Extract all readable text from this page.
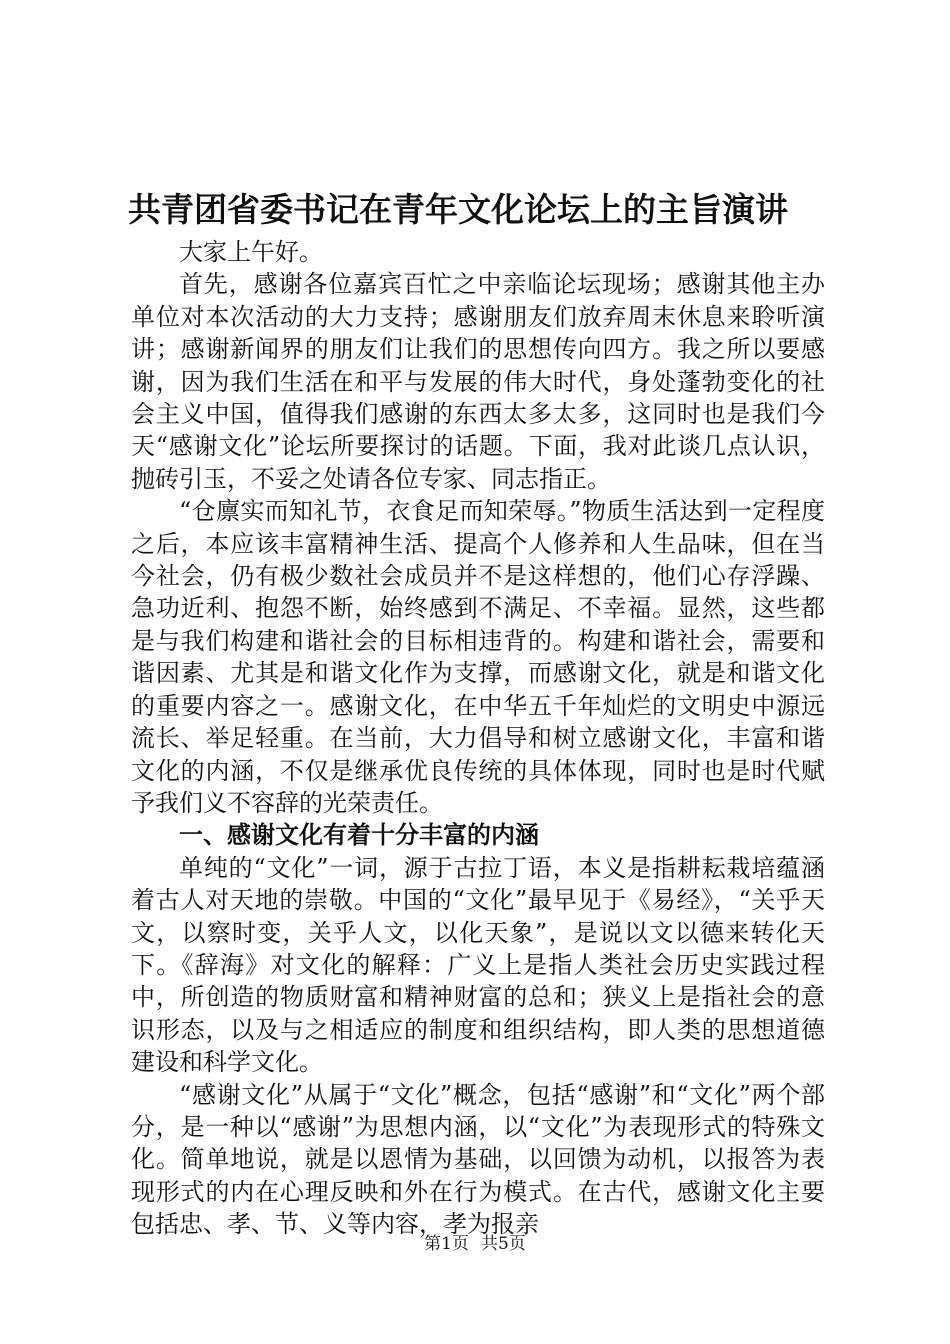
共青团省委书记在青年文化论坛上的主旨演讲

大家上午好。

首先，感谢各位嘉宾百忙之中亲临论坛现场；感谢其他主办单位对本次活动的大力支持；感谢朋友们放弃周末休息来聆听演讲；感谢新闻界的朋友们让我们的思想传向四方。我之所以要感谢，因为我们生活在和平与发展的伟大时代，身处蓬勃变化的社会主义中国，值得我们感谢的东西太多太多，这同时也是我们今天“感谢文化”论坛所要探讨的话题。下面，我对此谈几点认识，抛砖引玉，不妥之处请各位专家、同志指正。

“仓廪实而知礼节，衣食足而知荣辱。”物质生活达到一定程度之后，本应该丰富精神生活、提高个人修养和人生品味，但在当今社会，仍有极少数社会成员并不是这样想的，他们心存浮躁、急功近利、抱怨不断，始终感到不满足、不幸福。显然，这些都是与我们构建和谐社会的目标相违背的。构建和谐社会，需要和谐因素、尤其是和谐文化作为支撑，而感谢文化，就是和谐文化的重要内容之一。感谢文化，在中华五千年灿烂的文明史中源远流长、举足轻重。在当前，大力倡导和树立感谢文化，丰富和谐文化的内涵，不仅是继承优良传统的具体体现，同时也是时代赋予我们义不容辞的光荣责任。

一、感谢文化有着十分丰富的内涵

单纯的“文化”一词，源于古拉丁语，本义是指耕耘栽培蕴涵着古人对天地的崇敬。中国的“文化”最早见于《易经》，“关乎天文，以察时变，关乎人文，以化天象”，是说以文以德来转化天下。《辞海》对文化的解释：广义上是指人类社会历史实践过程中，所创造的物质财富和精神财富的总和；狭义上是指社会的意识形态，以及与之相适应的制度和组织结构，即人类的思想道德建设和科学文化。

“感谢文化”从属于“文化”概念，包括“感谢”和“文化”两个部分，是一种以“感谢”为思想内涵，以“文化”为表现形式的特殊文化。简单地说，就是以恩情为基础，以回馈为动机，以报答为表现形式的内在心理反映和外在行为模式。在古代，感谢文化主要包括忠、孝、节、义等内容，孝为报亲

第1页 共5页
